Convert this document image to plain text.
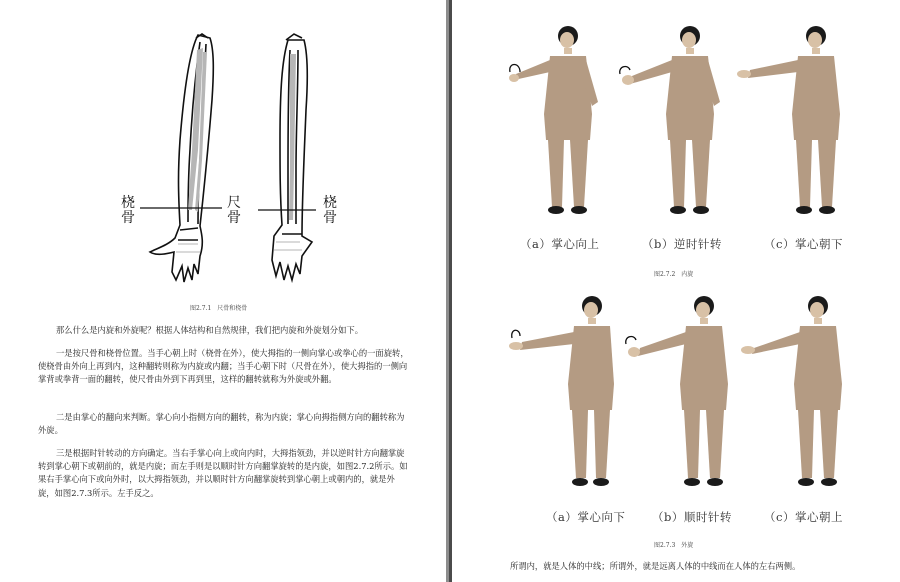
桡骨
尺骨
桡骨
图2.7.1　尺骨和桡骨

那么什么是内旋和外旋呢？根据人体结构和自然规律，我们把内旋和外旋划分如下。

一是按尺骨和桡骨位置。当手心朝上时（桡骨在外），使大拇指的一侧向掌心或拳心的一面旋转，使桡骨由外向上再到内，这种翻转则称为内旋或内翻；当手心朝下时（尺骨在外），使大拇指的一侧向掌背或拳背一面的翻转，使尺骨由外到下再到里，这样的翻转就称为外旋或外翻。

二是由掌心的翻向来判断。掌心向小指侧方向的翻转，称为内旋；掌心向拇指侧方向的翻转称为外旋。

三是根据时针转动的方向确定。当右手掌心向上或向内时，大拇指领劲，并以逆时针方向翻掌旋转到掌心朝下或朝前的，就是内旋；而左手则是以顺时针方向翻掌旋转的是内旋，如图2.7.2所示。如果右手掌心向下或向外时，以大拇指领劲，并以顺时针方向翻掌旋转到掌心朝上或朝内的，就是外旋，如图2.7.3所示。左手反之。

（a）掌心向上	（b）逆时针转	（c）掌心朝下
图2.7.2　内旋
（a）掌心向下 （b）顺时针转	（c）掌心朝上
图2.7.3　外旋
所谓内，就是人体的中线；所谓外，就是远离人体的中线而在人体的左右两侧。
